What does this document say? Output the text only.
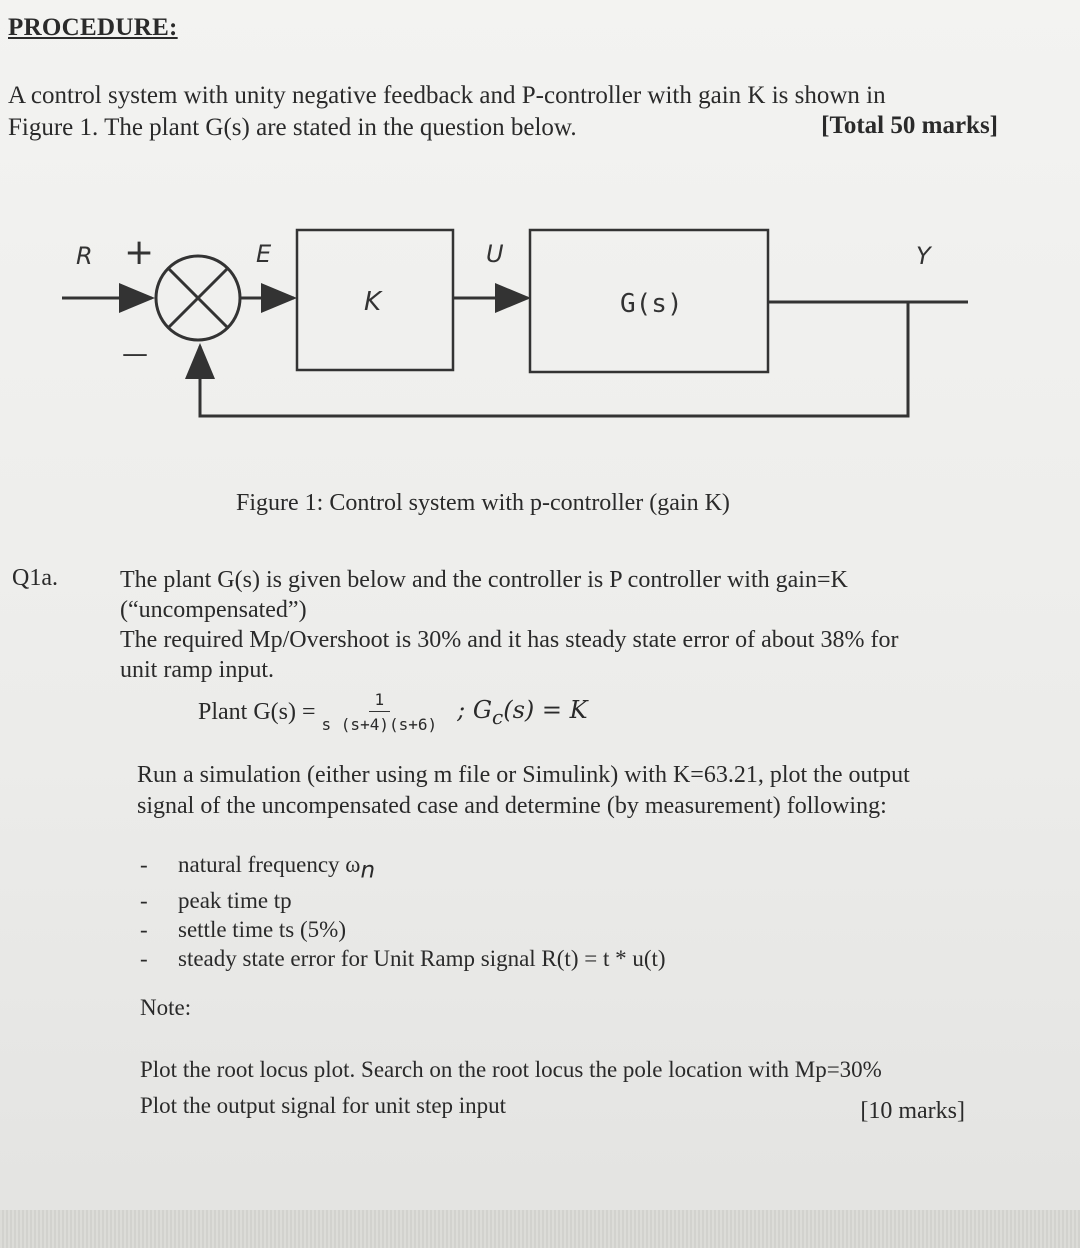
PROCEDURE:
A control system with unity negative feedback and P-controller with gain K is shown in
Figure 1. The plant G(s) are stated in the question below.	[Total 50 marks]
R +
—
E	U	Y
K	G(s)
Figure 1: Control system with p-controller (gain K)
Q1a.	The plant G(s) is given below and the controller is P controller with gain=K
(“uncompensated”)
The required Mp/Overshoot is 30% and it has steady state error of about 38% for
unit ramp input.
Plant $G(s) = \frac{1}{s (s+4)(s+6)}$ ; $G_c(s) = K$
Run a simulation (either using m file or Simulink) with K=63.21, plot the output
signal of the uncompensated case and determine (by measurement) following:
-	natural frequency $\omega_n$
-	peak time tp
-	settle time ts (5%)
-	steady state error for Unit Ramp signal R(t) = t * u(t)
Note:
Plot the root locus plot. Search on the root locus the pole location with Mp=30%
Plot the output signal for unit step input	[10 marks]
